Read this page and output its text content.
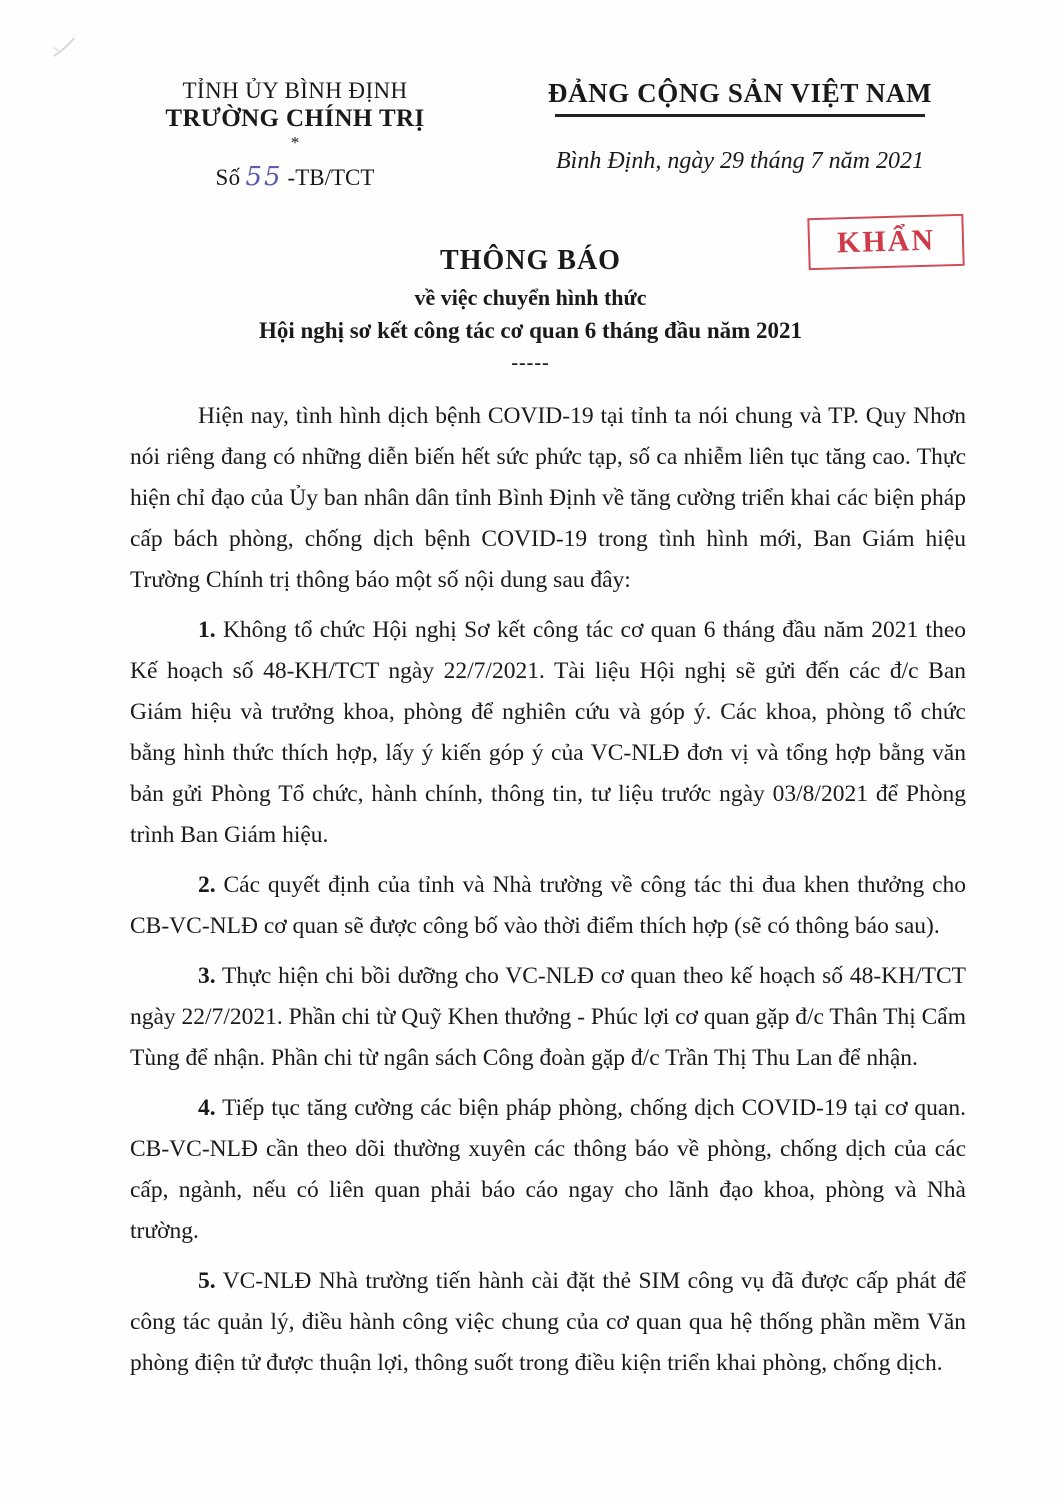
TỈNH ỦY BÌNH ĐỊNH
TRƯỜNG CHÍNH TRỊ
*
Số 55 -TB/TCT
ĐẢNG CỘNG SẢN VIỆT NAM
Bình Định, ngày 29 tháng 7 năm 2021
KHẨN
THÔNG BÁO
về việc chuyển hình thức
Hội nghị sơ kết công tác cơ quan 6 tháng đầu năm 2021
-----

Hiện nay, tình hình dịch bệnh COVID-19 tại tỉnh ta nói chung và TP. Quy Nhơn nói riêng đang có những diễn biến hết sức phức tạp, số ca nhiễm liên tục tăng cao. Thực hiện chỉ đạo của Ủy ban nhân dân tỉnh Bình Định về tăng cường triển khai các biện pháp cấp bách phòng, chống dịch bệnh COVID-19 trong tình hình mới, Ban Giám hiệu Trường Chính trị thông báo một số nội dung sau đây:

1. Không tổ chức Hội nghị Sơ kết công tác cơ quan 6 tháng đầu năm 2021 theo Kế hoạch số 48-KH/TCT ngày 22/7/2021. Tài liệu Hội nghị sẽ gửi đến các đ/c Ban Giám hiệu và trưởng khoa, phòng để nghiên cứu và góp ý. Các khoa, phòng tổ chức bằng hình thức thích hợp, lấy ý kiến góp ý của VC-NLĐ đơn vị và tổng hợp bằng văn bản gửi Phòng Tổ chức, hành chính, thông tin, tư liệu trước ngày 03/8/2021 để Phòng trình Ban Giám hiệu.

2. Các quyết định của tỉnh và Nhà trường về công tác thi đua khen thưởng cho CB-VC-NLĐ cơ quan sẽ được công bố vào thời điểm thích hợp (sẽ có thông báo sau).

3. Thực hiện chi bồi dưỡng cho VC-NLĐ cơ quan theo kế hoạch số 48-KH/TCT ngày 22/7/2021. Phần chi từ Quỹ Khen thưởng - Phúc lợi cơ quan gặp đ/c Thân Thị Cẩm Tùng để nhận. Phần chi từ ngân sách Công đoàn gặp đ/c Trần Thị Thu Lan để nhận.

4. Tiếp tục tăng cường các biện pháp phòng, chống dịch COVID-19 tại cơ quan. CB-VC-NLĐ cần theo dõi thường xuyên các thông báo về phòng, chống dịch của các cấp, ngành, nếu có liên quan phải báo cáo ngay cho lãnh đạo khoa, phòng và Nhà trường.

5. VC-NLĐ Nhà trường tiến hành cài đặt thẻ SIM công vụ đã được cấp phát để công tác quản lý, điều hành công việc chung của cơ quan qua hệ thống phần mềm Văn phòng điện tử được thuận lợi, thông suốt trong điều kiện triển khai phòng, chống dịch.
